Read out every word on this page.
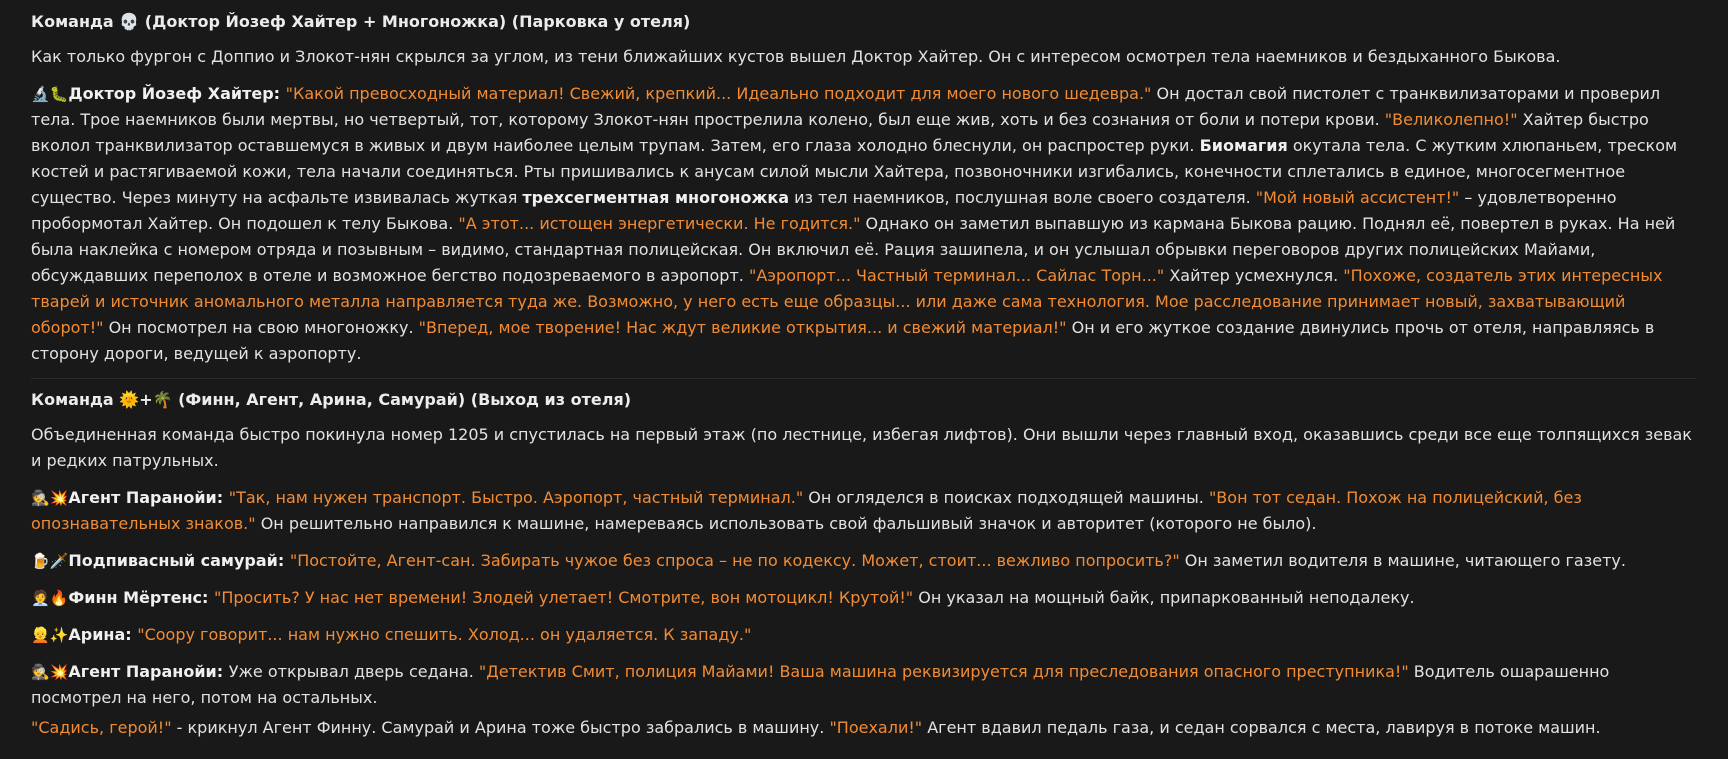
Команда 💀 (Доктор Йозеф Хайтер + Многоножка) (Парковка у отеля)
Как только фургон с Доппио и Злокот-нян скрылся за углом, из тени ближайших кустов вышел Доктор Хайтер. Он с интересом осмотрел тела наемников и бездыханного Быкова.
🔬🐛Доктор Йозеф Хайтер: "Какой превосходный материал! Свежий, крепкий... Идеально подходит для моего нового шедевра." Он достал свой пистолет с транквилизаторами и проверил тела. Трое наемников были мертвы, но четвертый, тот, которому Злокот-нян прострелила колено, был еще жив, хоть и без сознания от боли и потери крови. "Великолепно!" Хайтер быстро вколол транквилизатор оставшемуся в живых и двум наиболее целым трупам. Затем, его глаза холодно блеснули, он распростер руки. Биомагия окутала тела. С жутким хлюпаньем, треском костей и растягиваемой кожи, тела начали соединяться. Рты пришивались к анусам силой мысли Хайтера, позвоночники изгибались, конечности сплетались в единое, многосегментное существо. Через минуту на асфальте извивалась жуткая трехсегментная многоножка из тел наемников, послушная воле своего создателя. "Мой новый ассистент!" – удовлетворенно пробормотал Хайтер. Он подошел к телу Быкова. "А этот... истощен энергетически. Не годится." Однако он заметил выпавшую из кармана Быкова рацию. Поднял её, повертел в руках. На ней была наклейка с номером отряда и позывным – видимо, стандартная полицейская. Он включил её. Рация зашипела, и он услышал обрывки переговоров других полицейских Майами, обсуждавших переполох в отеле и возможное бегство подозреваемого в аэропорт. "Аэропорт... Частный терминал... Сайлас Торн..." Хайтер усмехнулся. "Похоже, создатель этих интересных тварей и источник аномального металла направляется туда же. Возможно, у него есть еще образцы... или даже сама технология. Мое расследование принимает новый, захватывающий оборот!" Он посмотрел на свою многоножку. "Вперед, мое творение! Нас ждут великие открытия... и свежий материал!" Он и его жуткое создание двинулись прочь от отеля, направляясь в сторону дороги, ведущей к аэропорту.
Команда 🌞+🌴 (Финн, Агент, Арина, Самурай) (Выход из отеля)
Объединенная команда быстро покинула номер 1205 и спустилась на первый этаж (по лестнице, избегая лифтов). Они вышли через главный вход, оказавшись среди все еще толпящихся зевак и редких патрульных.
🕵️💥Агент Паранойи: "Так, нам нужен транспорт. Быстро. Аэропорт, частный терминал." Он огляделся в поисках подходящей машины. "Вон тот седан. Похож на полицейский, без опознавательных знаков." Он решительно направился к машине, намереваясь использовать свой фальшивый значок и авторитет (которого не было).
🍺🗡️Подпивасный самурай: "Постойте, Агент-сан. Забирать чужое без спроса – не по кодексу. Может, стоит... вежливо попросить?" Он заметил водителя в машине, читающего газету.
🧑‍💼🔥Финн Мёртенс: "Просить? У нас нет времени! Злодей улетает! Смотрите, вон мотоцикл! Крутой!" Он указал на мощный байк, припаркованный неподалеку.
👱✨Арина: "Соору говорит... нам нужно спешить. Холод... он удаляется. К западу."
🕵️💥Агент Паранойи: Уже открывал дверь седана. "Детектив Смит, полиция Майами! Ваша машина реквизируется для преследования опасного преступника!" Водитель ошарашенно посмотрел на него, потом на остальных.
"Садись, герой!" - крикнул Агент Финну. Самурай и Арина тоже быстро забрались в машину. "Поехали!" Агент вдавил педаль газа, и седан сорвался с места, лавируя в потоке машин.
